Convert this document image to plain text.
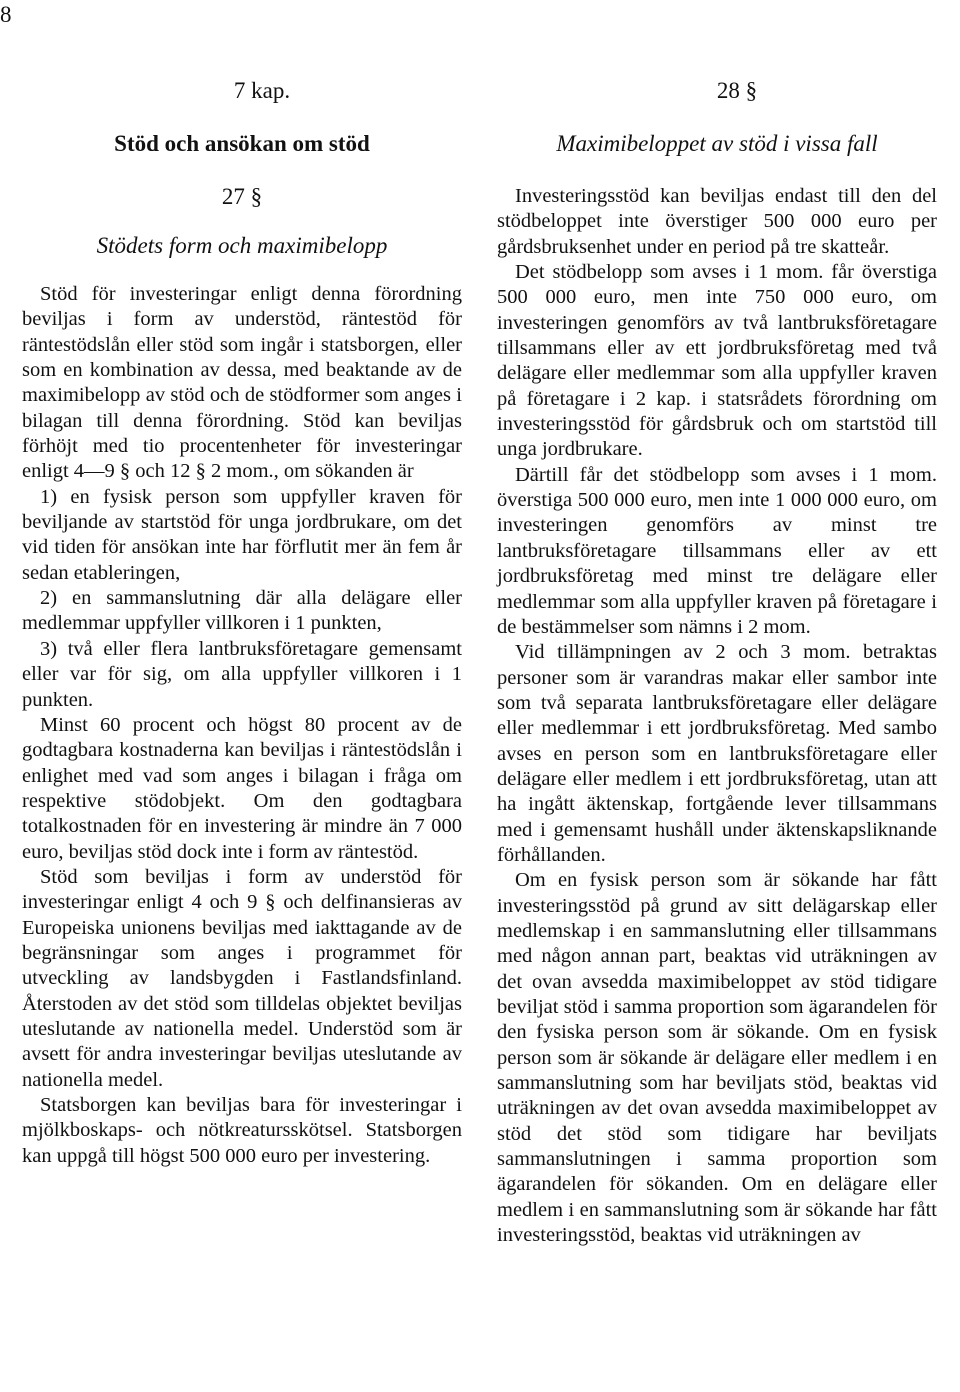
8
7 kap.
Stöd och ansökan om stöd
27 §
Stödets form och maximibelopp

Stöd för investeringar enligt denna förordning beviljas i form av understöd, räntestöd för räntestödslån eller stöd som ingår i statsborgen, eller som en kombination av dessa, med beaktande av de maximibelopp av stöd och de stödformer som anges i bilagan till denna förordning. Stöd kan beviljas förhöjt med tio procentenheter för investeringar enligt 4—9 § och 12 § 2 mom., om sökanden är

1) en fysisk person som uppfyller kraven för beviljande av startstöd för unga jordbrukare, om det vid tiden för ansökan inte har förflutit mer än fem år sedan etableringen,

2) en sammanslutning där alla delägare eller medlemmar uppfyller villkoren i 1 punkten,

3) två eller flera lantbruksföretagare gemensamt eller var för sig, om alla uppfyller villkoren i 1 punkten.

Minst 60 procent och högst 80 procent av de godtagbara kostnaderna kan beviljas i räntestödslån i enlighet med vad som anges i bilagan i fråga om respektive stödobjekt. Om den godtagbara totalkostnaden för en investering är mindre än 7 000 euro, beviljas stöd dock inte i form av räntestöd.

Stöd som beviljas i form av understöd för investeringar enligt 4 och 9 § och delfinansieras av Europeiska unionens beviljas med iakttagande av de begränsningar som anges i programmet för utveckling av landsbygden i Fastlandsfinland. Återstoden av det stöd som tilldelas objektet beviljas uteslutande av nationella medel. Understöd som är avsett för andra investeringar beviljas uteslutande av nationella medel.

Statsborgen kan beviljas bara för investeringar i mjölkboskaps- och nötkreatursskötsel. Statsborgen kan uppgå till högst 500 000 euro per investering.

28 §
Maximibeloppet av stöd i vissa fall

Investeringsstöd kan beviljas endast till den del stödbeloppet inte överstiger 500 000 euro per gårdsbruksenhet under en period på tre skatteår.

Det stödbelopp som avses i 1 mom. får överstiga 500 000 euro, men inte 750 000 euro, om investeringen genomförs av två lantbruksföretagare tillsammans eller av ett jordbruksföretag med två delägare eller medlemmar som alla uppfyller kraven på företagare i 2 kap. i statsrådets förordning om investeringsstöd för gårdsbruk och om startstöd till unga jordbrukare.

Därtill får det stödbelopp som avses i 1 mom. överstiga 500 000 euro, men inte 1 000 000 euro, om investeringen genomförs av minst tre lantbruksföretagare tillsammans eller av ett jordbruksföretag med minst tre delägare eller medlemmar som alla uppfyller kraven på företagare i de bestämmelser som nämns i 2 mom.

Vid tillämpningen av 2 och 3 mom. betraktas personer som är varandras makar eller sambor inte som två separata lantbruksföretagare eller delägare eller medlemmar i ett jordbruksföretag. Med sambo avses en person som en lantbruksföretagare eller delägare eller medlem i ett jordbruksföretag, utan att ha ingått äktenskap, fortgående lever tillsammans med i gemensamt hushåll under äktenskapsliknande förhållanden.

Om en fysisk person som är sökande har fått investeringsstöd på grund av sitt delägarskap eller medlemskap i en sammanslutning eller tillsammans med någon annan part, beaktas vid uträkningen av det ovan avsedda maximibeloppet av stöd tidigare beviljat stöd i samma proportion som ägarandelen för den fysiska person som är sökande. Om en fysisk person som är sökande är delägare eller medlem i en sammanslutning som har beviljats stöd, beaktas vid uträkningen av det ovan avsedda maximibeloppet av stöd det stöd som tidigare har beviljats sammanslutningen i samma proportion som ägarandelen för sökanden. Om en delägare eller medlem i en sammanslutning som är sökande har fått investeringsstöd, beaktas vid uträkningen av
